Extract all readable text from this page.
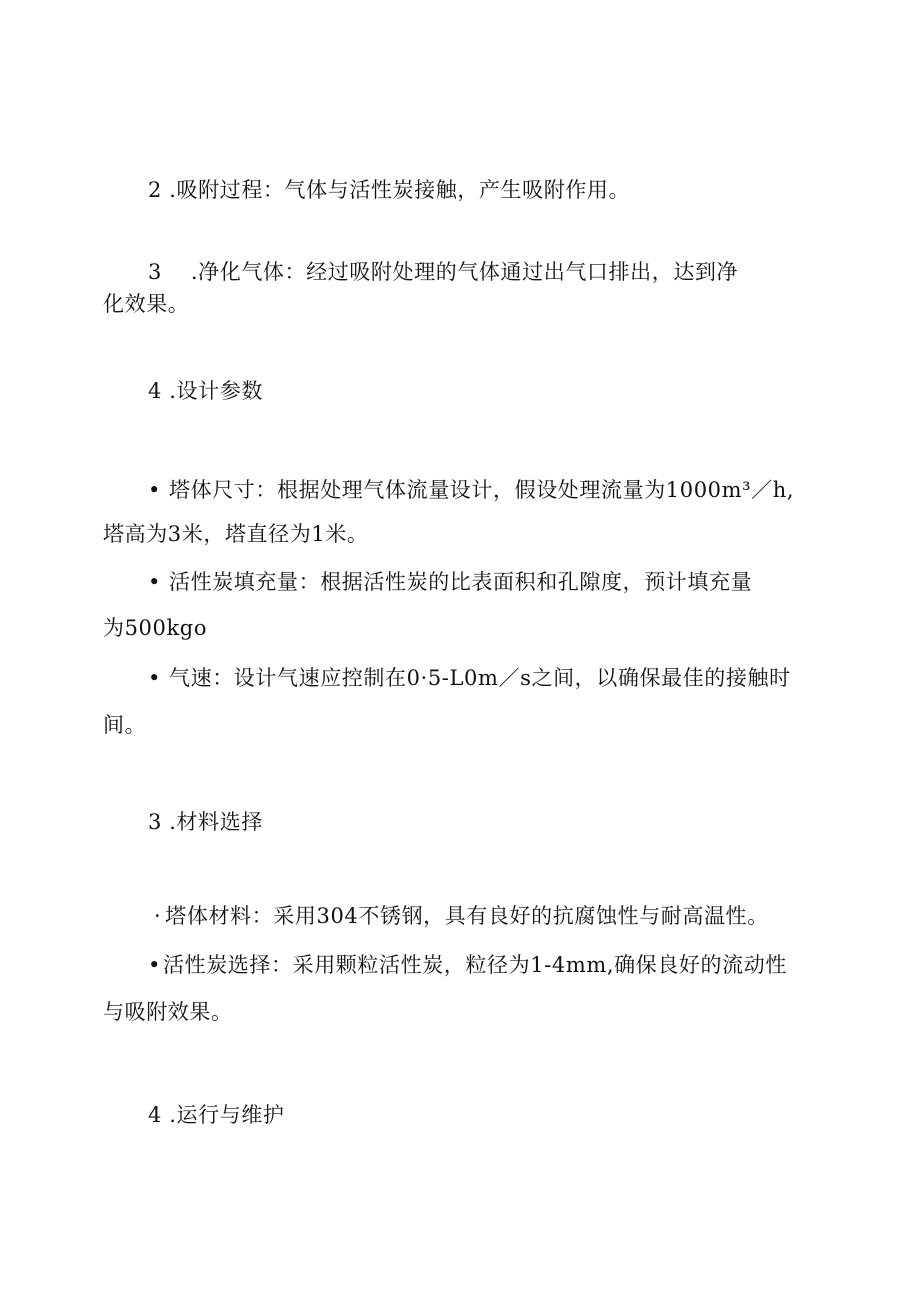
2 .吸附过程：气体与活性炭接触，产生吸附作用。
3　 .净化气体：经过吸附处理的气体通过出气口排出，达到净
化效果。
4 .设计参数
• 塔体尺寸：根据处理气体流量设计，假设处理流量为1000m³／h,
塔高为3米，塔直径为1米。
• 活性炭填充量：根据活性炭的比表面积和孔隙度，预计填充量
为500kgo
• 气速：设计气速应控制在0·5-L0m／s之间，以确保最佳的接触时
间。
3 .材料选择
· 塔体材料：采用304不锈钢，具有良好的抗腐蚀性与耐高温性。
•活性炭选择：采用颗粒活性炭，粒径为1-4mm,确保良好的流动性
与吸附效果。
4 .运行与维护
